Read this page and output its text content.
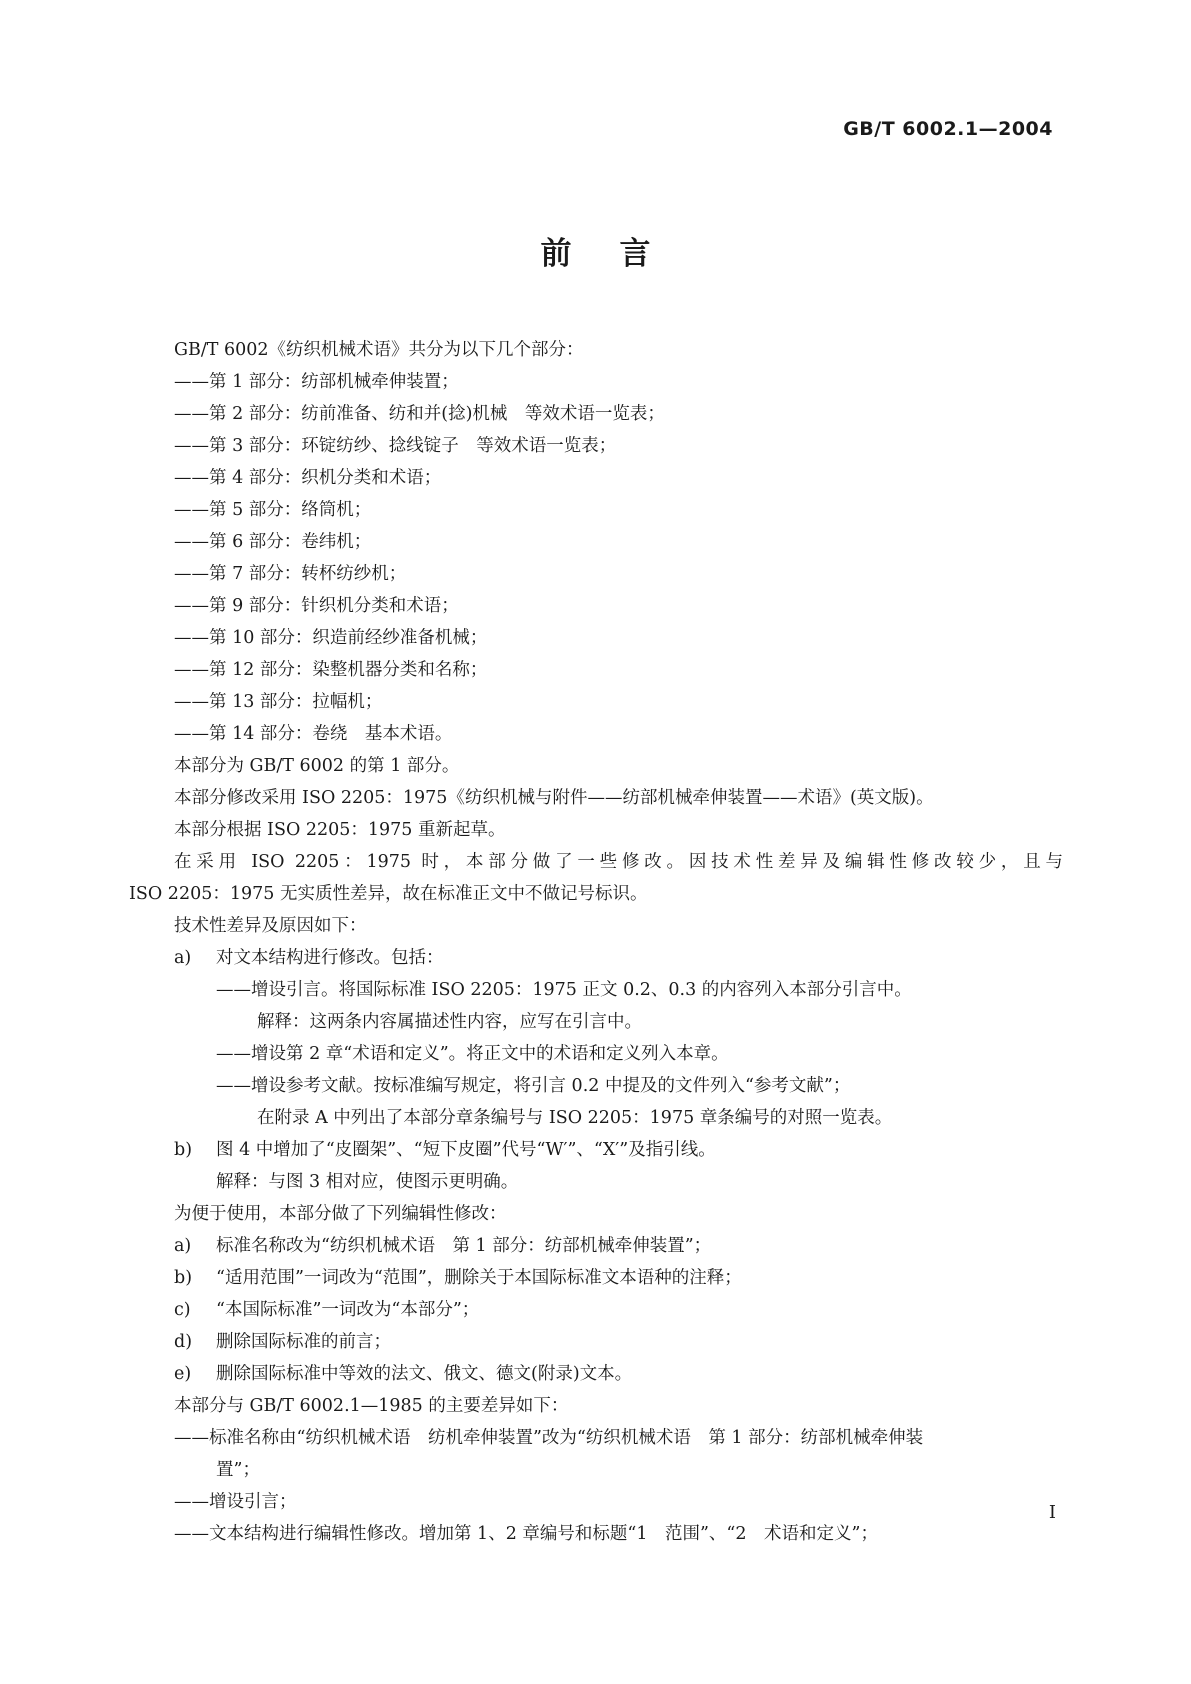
GB/T 6002.1—2004
前言

GB/T 6002《纺织机械术语》共分为以下几个部分：

——第 1 部分：纺部机械牵伸装置；

——第 2 部分：纺前准备、纺和并(捻)机械　等效术语一览表；

——第 3 部分：环锭纺纱、捻线锭子　等效术语一览表；

——第 4 部分：织机分类和术语；

——第 5 部分：络筒机；

——第 6 部分：卷纬机；

——第 7 部分：转杯纺纱机；

——第 9 部分：针织机分类和术语；

——第 10 部分：织造前经纱准备机械；

——第 12 部分：染整机器分类和名称；

——第 13 部分：拉幅机；

——第 14 部分：卷绕　基本术语。

本部分为 GB/T 6002 的第 1 部分。

本部分修改采用 ISO 2205：1975《纺织机械与附件——纺部机械牵伸装置——术语》(英文版)。

本部分根据 ISO 2205：1975 重新起草。

在采用 ISO 2205：1975 时，本部分做了一些修改。因技术性差异及编辑性修改较少，且与

ISO 2205：1975 无实质性差异，故在标准正文中不做记号标识。

技术性差异及原因如下：

a) 对文本结构进行修改。包括：

——增设引言。将国际标准 ISO 2205：1975 正文 0.2、0.3 的内容列入本部分引言中。

解释：这两条内容属描述性内容，应写在引言中。

——增设第 2 章“术语和定义”。将正文中的术语和定义列入本章。

——增设参考文献。按标准编写规定，将引言 0.2 中提及的文件列入“参考文献”；

在附录 A 中列出了本部分章条编号与 ISO 2205：1975 章条编号的对照一览表。

b) 图 4 中增加了“皮圈架”、“短下皮圈”代号“W′”、“X′”及指引线。

解释：与图 3 相对应，使图示更明确。

为便于使用，本部分做了下列编辑性修改：

a) 标准名称改为“纺织机械术语　第 1 部分：纺部机械牵伸装置”；

b) “适用范围”一词改为“范围”，删除关于本国际标准文本语种的注释；

c) “本国际标准”一词改为“本部分”；

d) 删除国际标准的前言；

e) 删除国际标准中等效的法文、俄文、德文(附录)文本。

本部分与 GB/T 6002.1—1985 的主要差异如下：

——标准名称由“纺织机械术语　纺机牵伸装置”改为“纺织机械术语　第 1 部分：纺部机械牵伸装

置”；

——增设引言；

——文本结构进行编辑性修改。增加第 1、2 章编号和标题“1　范围”、“2　术语和定义”；

I
